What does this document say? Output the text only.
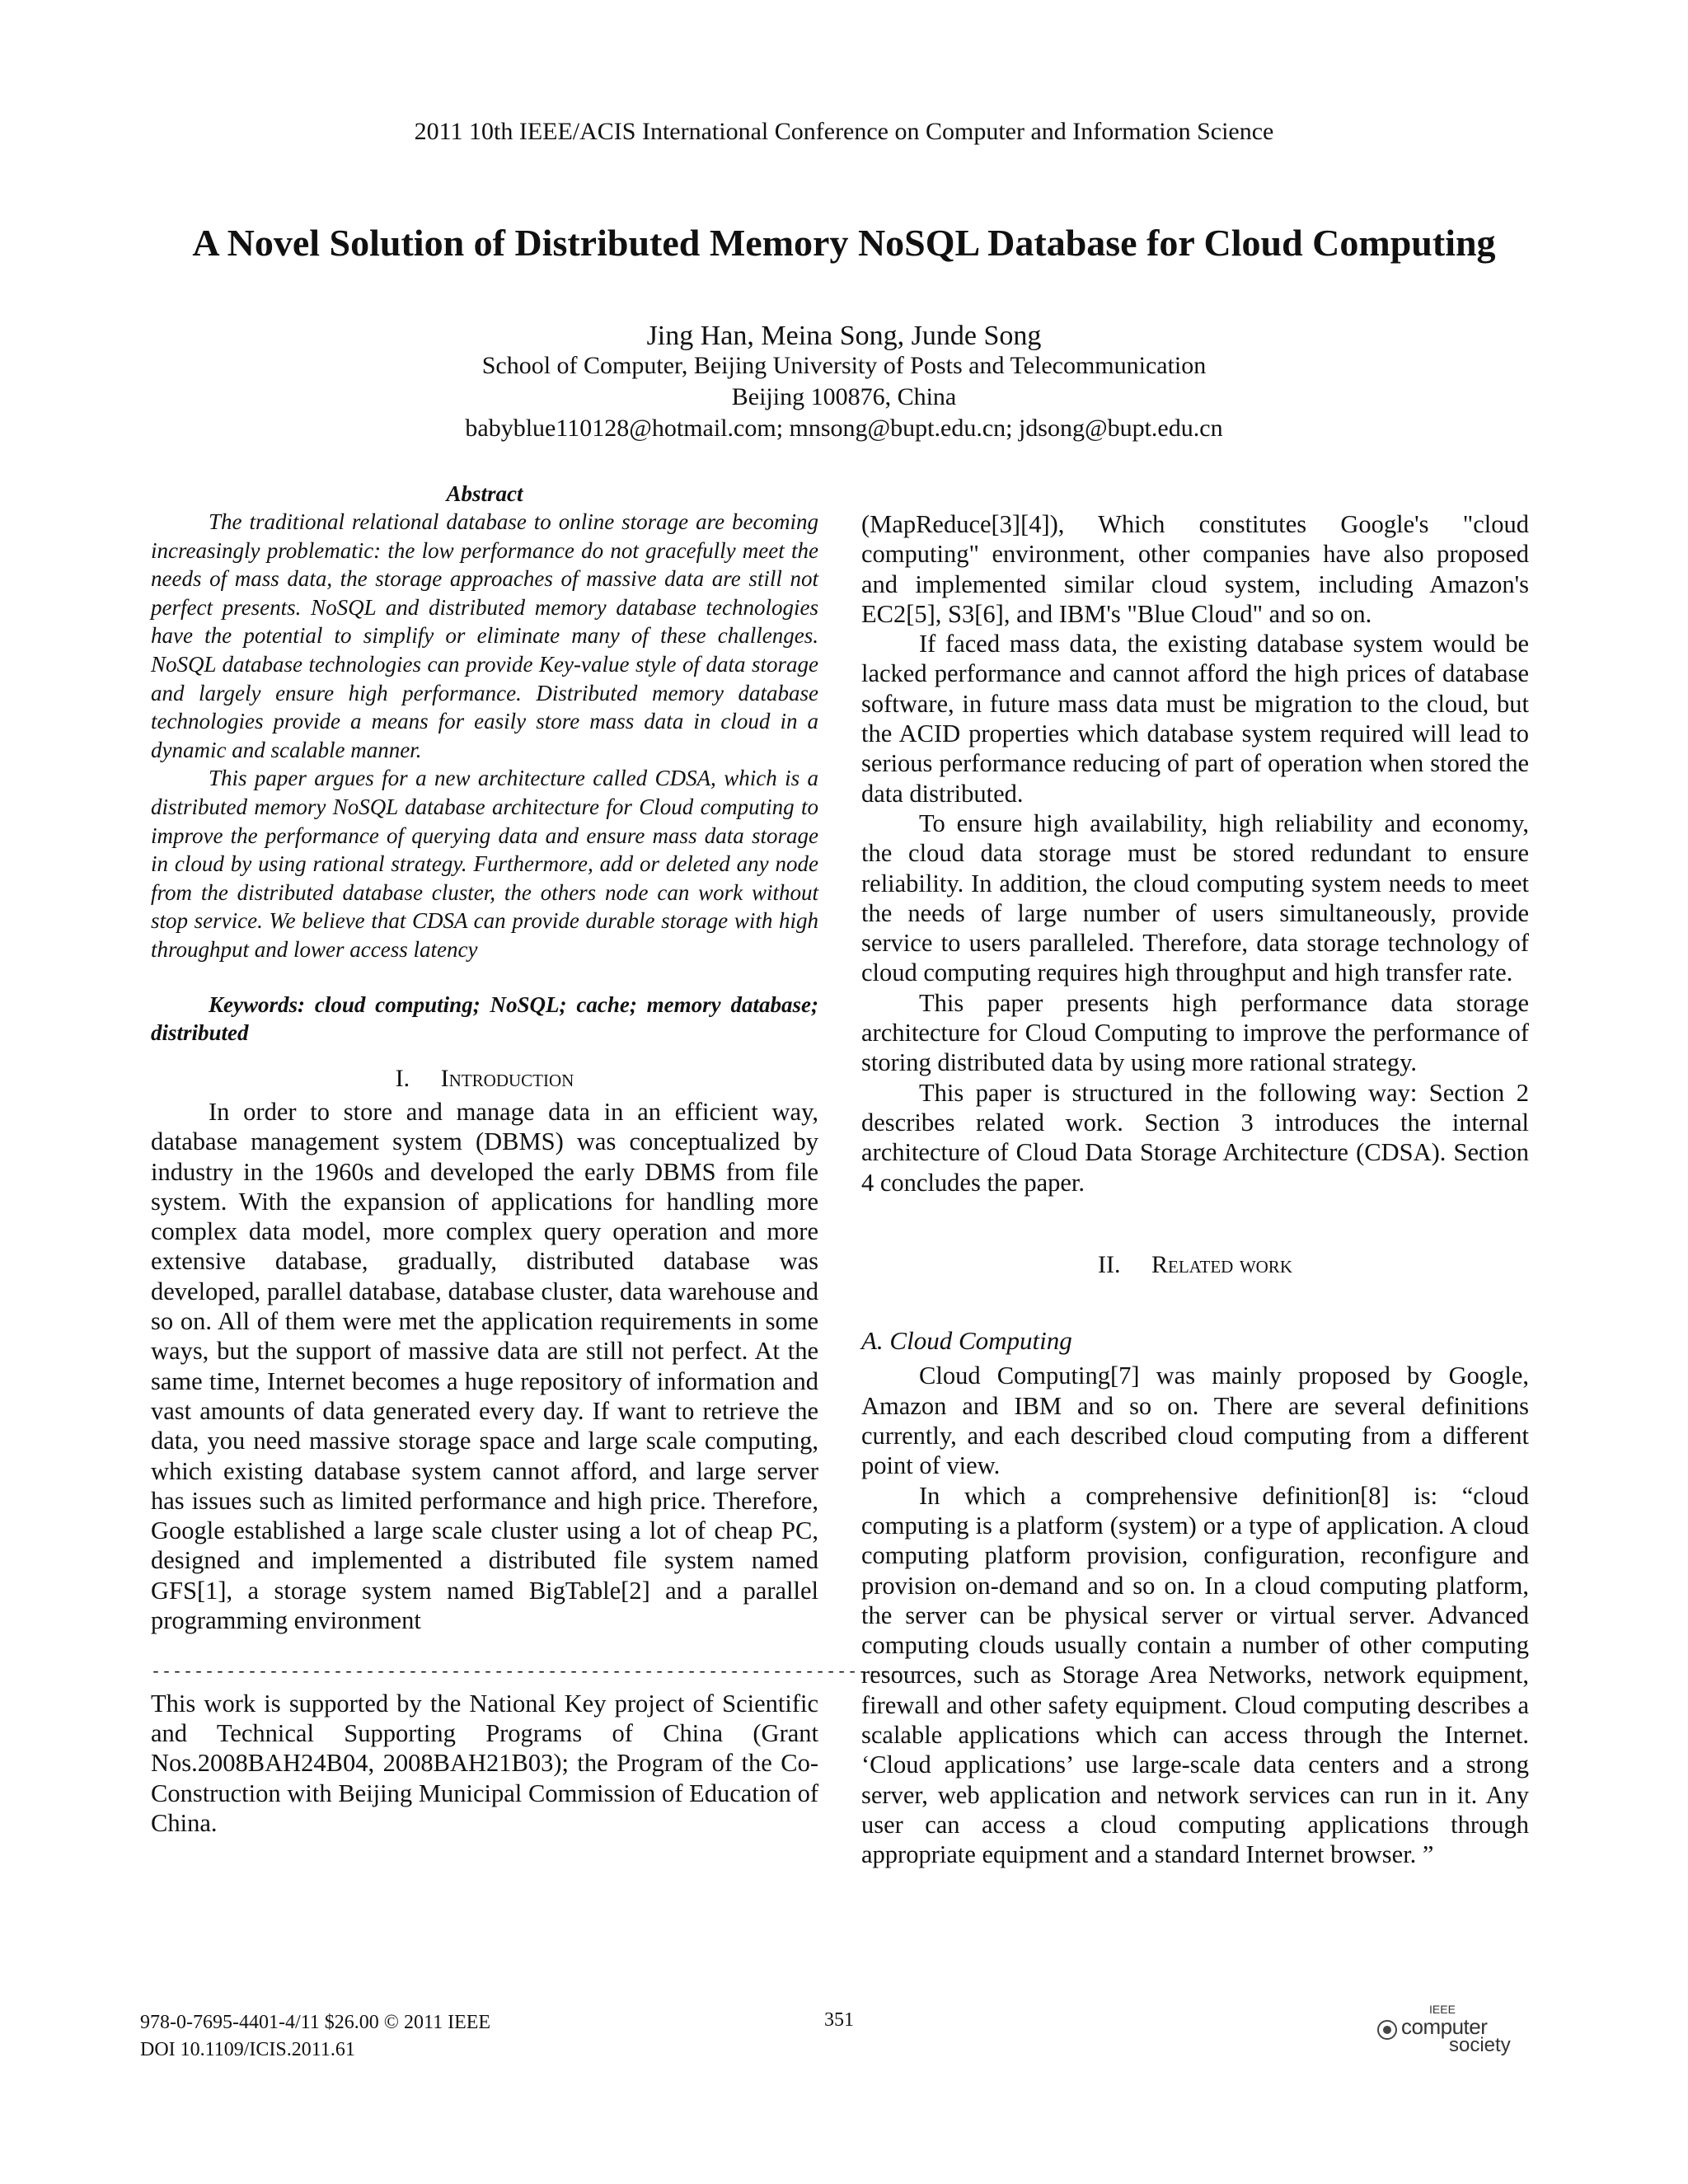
2011 10th IEEE/ACIS International Conference on Computer and Information Science
A Novel Solution of Distributed Memory NoSQL Database for Cloud Computing
Jing Han, Meina Song, Junde Song
School of Computer, Beijing University of Posts and Telecommunication
Beijing 100876, China
babyblue110128@hotmail.com; mnsong@bupt.edu.cn; jdsong@bupt.edu.cn

Abstract

The traditional relational database to online storage are becoming increasingly problematic: the low performance do not gracefully meet the needs of mass data, the storage approaches of massive data are still not perfect presents. NoSQL and distributed memory database technologies have the potential to simplify or eliminate many of these challenges. NoSQL database technologies can provide Key-value style of data storage and largely ensure high performance. Distributed memory database technologies provide a means for easily store mass data in cloud in a dynamic and scalable manner.

This paper argues for a new architecture called CDSA, which is a distributed memory NoSQL database architecture for Cloud computing to improve the performance of querying data and ensure mass data storage in cloud by using rational strategy. Furthermore, add or deleted any node from the distributed database cluster, the others node can work without stop service. We believe that CDSA can provide durable storage with high throughput and lower access latency

Keywords: cloud computing; NoSQL; cache; memory database; distributed

I. Introduction

In order to store and manage data in an efficient way, database management system (DBMS) was conceptualized by industry in the 1960s and developed the early DBMS from file system. With the expansion of applications for handling more complex data model, more complex query operation and more extensive database, gradually, distributed database was developed, parallel database, database cluster, data warehouse and so on. All of them were met the application requirements in some ways, but the support of massive data are still not perfect. At the same time, Internet becomes a huge repository of information and vast amounts of data generated every day. If want to retrieve the data, you need massive storage space and large scale computing, which existing database system cannot afford, and large server has issues such as limited performance and high price. Therefore, Google established a large scale cluster using a lot of cheap PC, designed and implemented a distributed file system named GFS[1], a storage system named BigTable[2] and a parallel programming environment

------------------------------------------------------------------------

This work is supported by the National Key project of Scientific and Technical Supporting Programs of China (Grant Nos.2008BAH24B04, 2008BAH21B03); the Program of the Co-Construction with Beijing Municipal Commission of Education of China.

(MapReduce[3][4]), Which constitutes Google's "cloud computing" environment, other companies have also proposed and implemented similar cloud system, including Amazon's EC2[5], S3[6], and IBM's "Blue Cloud" and so on.

If faced mass data, the existing database system would be lacked performance and cannot afford the high prices of database software, in future mass data must be migration to the cloud, but the ACID properties which database system required will lead to serious performance reducing of part of operation when stored the data distributed.

To ensure high availability, high reliability and economy, the cloud data storage must be stored redundant to ensure reliability. In addition, the cloud computing system needs to meet the needs of large number of users simultaneously, provide service to users paralleled. Therefore, data storage technology of cloud computing requires high throughput and high transfer rate.

This paper presents high performance data storage architecture for Cloud Computing to improve the performance of storing distributed data by using more rational strategy.

This paper is structured in the following way: Section 2 describes related work. Section 3 introduces the internal architecture of Cloud Data Storage Architecture (CDSA). Section 4 concludes the paper.

II. Related work

A. Cloud Computing

Cloud Computing[7] was mainly proposed by Google, Amazon and IBM and so on. There are several definitions currently, and each described cloud computing from a different point of view.

In which a comprehensive definition[8] is: “cloud computing is a platform (system) or a type of application. A cloud computing platform provision, configuration, reconfigure and provision on-demand and so on. In a cloud computing platform, the server can be physical server or virtual server. Advanced computing clouds usually contain a number of other computing resources, such as Storage Area Networks, network equipment, firewall and other safety equipment. Cloud computing describes a scalable applications which can access through the Internet. ‘Cloud applications’ use large-scale data centers and a strong server, web application and network services can run in it. Any user can access a cloud computing applications through appropriate equipment and a standard Internet browser. ”

978-0-7695-4401-4/11 $26.00 © 2011 IEEE
DOI 10.1109/ICIS.2011.61
351	IEEE
computer
society
